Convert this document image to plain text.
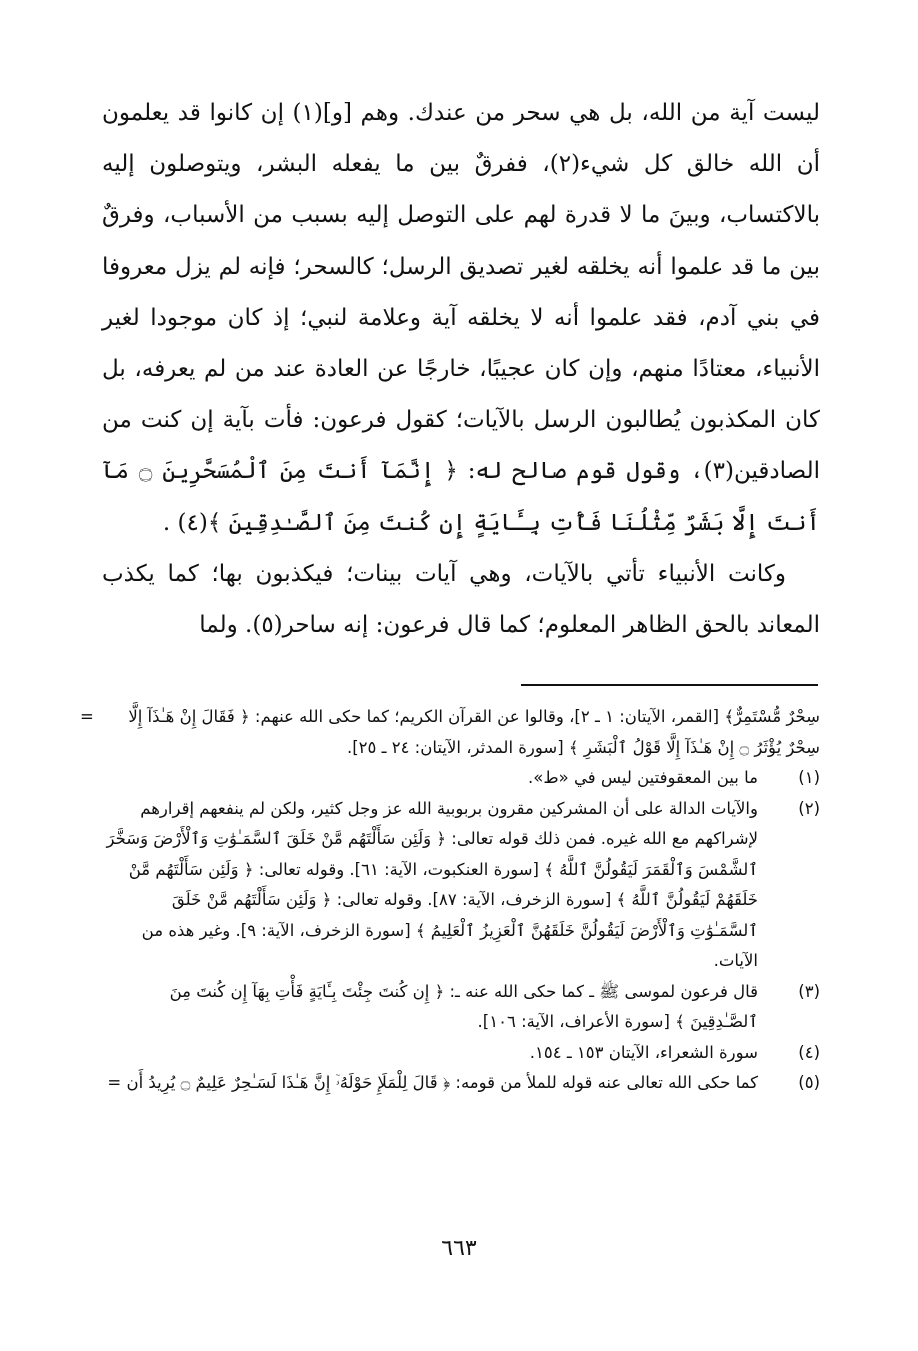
ليست آية من الله، بل هي سحر من عندك. وهم [و](١) إن كانوا قد يعلمون أن الله خالق كل شيء(٢)، ففرقٌ بين ما يفعله البشر، ويتوصلون إليه بالاكتساب، وبينَ ما لا قدرة لهم على التوصل إليه بسبب من الأسباب، وفرقٌ بين ما قد علموا أنه يخلقه لغير تصديق الرسل؛ كالسحر؛ فإنه لم يزل معروفا في بني آدم، فقد علموا أنه لا يخلقه آية وعلامة لنبي؛ إذ كان موجودا لغير الأنبياء، معتادًا منهم، وإن كان عجيبًا، خارجًا عن العادة عند من لم يعرفه، بل كان المكذبون يُطالبون الرسل بالآيات؛ كقول فرعون: فأت بآية إن كنت من الصادقين(٣)، وقول قوم صالح له: ﴿ إِنَّمَآ أَنتَ مِنَ ٱلْمُسَحَّرِينَ ۝ مَآ أَنتَ إِلَّا بَشَرٌ مِّثْلُنَا فَأْتِ بِـَٔايَةٍ إِن كُنتَ مِنَ ٱلصَّـٰدِقِينَ ﴾(٤) .

وكانت الأنبياء تأتي بالآيات، وهي آيات بينات؛ فيكذبون بها؛ كما يكذب المعاند بالحق الظاهر المعلوم؛ كما قال فرعون: إنه ساحر(٥). ولما

= سِحْرٌ مُّسْتَمِرٌّ﴾ [القمر، الآيتان: ١ ـ ٢]، وقالوا عن القرآن الكريم؛ كما حكى الله عنهم: ﴿ فَقَالَ إِنْ هَـٰذَآ إِلَّا سِحْرٌ يُؤْثَرُ ۝ إِنْ هَـٰذَآ إِلَّا قَوْلُ ٱلْبَشَرِ ﴾ [سورة المدثر، الآيتان: ٢٤ ـ ٢٥].
(١)
ما بين المعقوفتين ليس في «ط».
(٢)
والآيات الدالة على أن المشركين مقرون بربوبية الله عز وجل كثير، ولكن لم ينفعهم إقرارهم لإشراكهم مع الله غيره. فمن ذلك قوله تعالى: ﴿ وَلَئِن سَأَلْتَهُم مَّنْ خَلَقَ ٱلسَّمَـٰوَٰتِ وَٱلْأَرْضَ وَسَخَّرَ ٱلشَّمْسَ وَٱلْقَمَرَ لَيَقُولُنَّ ٱللَّهُ ﴾ [سورة العنكبوت، الآية: ٦١]. وقوله تعالى: ﴿ وَلَئِن سَأَلْتَهُم مَّنْ خَلَقَهُمْ لَيَقُولُنَّ ٱللَّهُ ﴾ [سورة الزخرف، الآية: ٨٧]. وقوله تعالى: ﴿ وَلَئِن سَأَلْتَهُم مَّنْ خَلَقَ ٱلسَّمَـٰوَٰتِ وَٱلْأَرْضَ لَيَقُولُنَّ خَلَقَهُنَّ ٱلْعَزِيزُ ٱلْعَلِيمُ ﴾ [سورة الزخرف، الآية: ٩]. وغير هذه من الآيات.
(٣)
قال فرعون لموسى ﷺ ـ كما حكى الله عنه ـ: ﴿ إِن كُنتَ جِئْتَ بِـَٔايَةٍ فَأْتِ بِهَآ إِن كُنتَ مِنَ ٱلصَّـٰدِقِينَ ﴾ [سورة الأعراف، الآية: ١٠٦].
(٤)
سورة الشعراء، الآيتان ١٥٣ ـ ١٥٤.
(٥)
كما حكى الله تعالى عنه قوله للملأ من قومه: ﴿ قَالَ لِلْمَلَإِ حَوْلَهُۥٓ إِنَّ هَـٰذَا لَسَـٰحِرٌ عَلِيمٌ ۝ يُرِيدُ أَن =
٦٦٣
